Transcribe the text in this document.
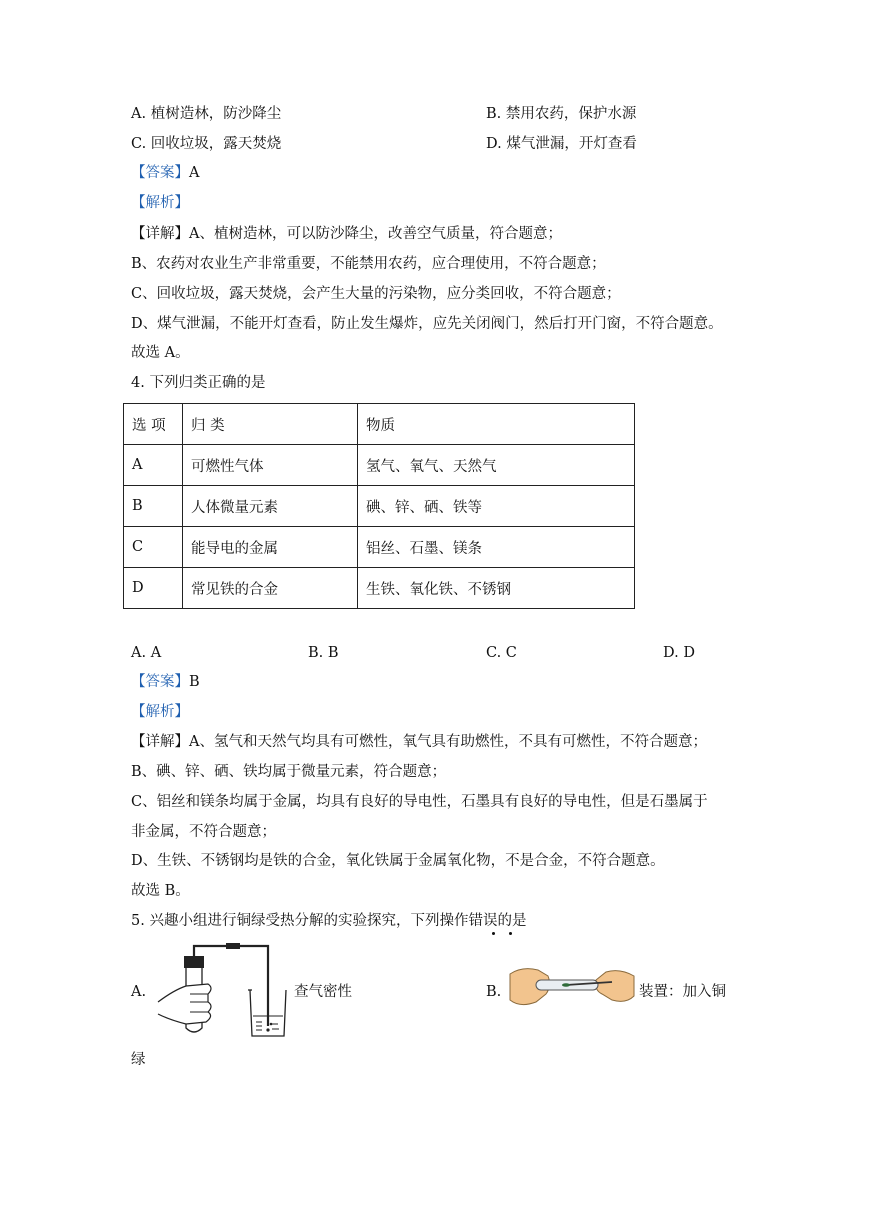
A. 植树造林，防沙降尘	B. 禁用农药，保护水源
C. 回收垃圾，露天焚烧	D. 煤气泄漏，开灯查看
【答案】A
【解析】
【详解】A、植树造林，可以防沙降尘，改善空气质量，符合题意；
B、农药对农业生产非常重要，不能禁用农药，应合理使用，不符合题意；
C、回收垃圾，露天焚烧，会产生大量的污染物，应分类回收，不符合题意；
D、煤气泄漏，不能开灯查看，防止发生爆炸，应先关闭阀门，然后打开门窗，不符合题意。
故选 A。
4. 下列归类正确的是
选 项	归 类	物质
A	可燃性气体	氢气、氧气、天然气
B	人体微量元素	碘、锌、硒、铁等
C	能导电的金属	铝丝、石墨、镁条
D	常见铁的合金	生铁、氧化铁、不锈钢
A. A	B. B	C. C	D. D
【答案】B
【解析】
【详解】A、氢气和天然气均具有可燃性，氧气具有助燃性，不具有可燃性，不符合题意；
B、碘、锌、硒、铁均属于微量元素，符合题意；
C、铝丝和镁条均属于金属，均具有良好的导电性，石墨具有良好的导电性，但是石墨属于
非金属，不符合题意；
D、生铁、不锈钢均是铁的合金，氧化铁属于金属氧化物，不是合金，不符合题意。
故选 B。
5. 兴趣小组进行铜绿受热分解的实验探究，下列操作错误的是
A.	查气密性	B.	装置：加入铜
绿
